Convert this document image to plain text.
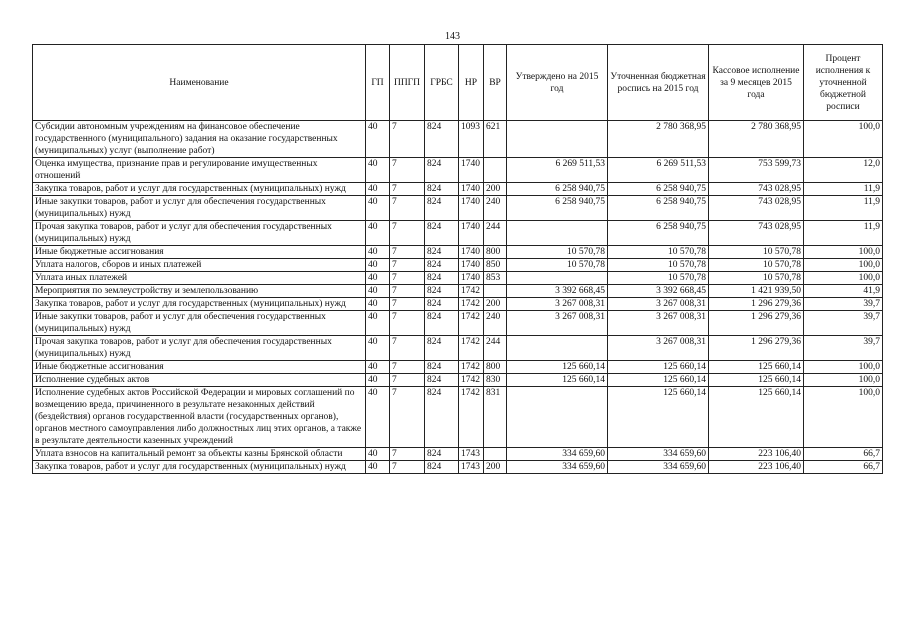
143
Наименование	ГП	ППГП	ГРБС	НР	ВР	Утверждено на 2015 год	Уточненная бюджетная роспись на 2015 год	Кассовое исполнение за 9 месяцев 2015 года	Процент исполнения к уточненной бюджетной росписи
Субсидии автономным учреждениям на финансовое обеспечение государственного (муниципального) задания на оказание государственных (муниципальных) услуг (выполнение работ)	40	7	824	1093	621		2 780 368,95	2 780 368,95	100,0
Оценка имущества, признание прав и регулирование имущественных отношений	40	7	824	1740		6 269 511,53	6 269 511,53	753 599,73	12,0
Закупка товаров, работ и услуг для государственных (муниципальных) нужд	40	7	824	1740	200	6 258 940,75	6 258 940,75	743 028,95	11,9
Иные закупки товаров, работ и услуг для обеспечения государственных (муниципальных) нужд	40	7	824	1740	240	6 258 940,75	6 258 940,75	743 028,95	11,9
Прочая закупка товаров, работ и услуг для обеспечения государственных (муниципальных) нужд	40	7	824	1740	244		6 258 940,75	743 028,95	11,9
Иные бюджетные ассигнования	40	7	824	1740	800	10 570,78	10 570,78	10 570,78	100,0
Уплата налогов, сборов и иных платежей	40	7	824	1740	850	10 570,78	10 570,78	10 570,78	100,0
Уплата иных платежей	40	7	824	1740	853		10 570,78	10 570,78	100,0
Мероприятия по землеустройству и землепользованию	40	7	824	1742		3 392 668,45	3 392 668,45	1 421 939,50	41,9
Закупка товаров, работ и услуг для государственных (муниципальных) нужд	40	7	824	1742	200	3 267 008,31	3 267 008,31	1 296 279,36	39,7
Иные закупки товаров, работ и услуг для обеспечения государственных (муниципальных) нужд	40	7	824	1742	240	3 267 008,31	3 267 008,31	1 296 279,36	39,7
Прочая закупка товаров, работ и услуг для обеспечения государственных (муниципальных) нужд	40	7	824	1742	244		3 267 008,31	1 296 279,36	39,7
Иные бюджетные ассигнования	40	7	824	1742	800	125 660,14	125 660,14	125 660,14	100,0
Исполнение судебных актов	40	7	824	1742	830	125 660,14	125 660,14	125 660,14	100,0
Исполнение судебных актов Российской Федерации и мировых соглашений по возмещению вреда, причиненного в результате незаконных действий (бездействия) органов государственной власти (государственных органов), органов местного самоуправления либо должностных лиц этих органов, а также в результате деятельности казенных учреждений	40	7	824	1742	831		125 660,14	125 660,14	100,0
Уплата взносов на капитальный ремонт за объекты казны Брянской области	40	7	824	1743		334 659,60	334 659,60	223 106,40	66,7
Закупка товаров, работ и услуг для государственных (муниципальных) нужд	40	7	824	1743	200	334 659,60	334 659,60	223 106,40	66,7
